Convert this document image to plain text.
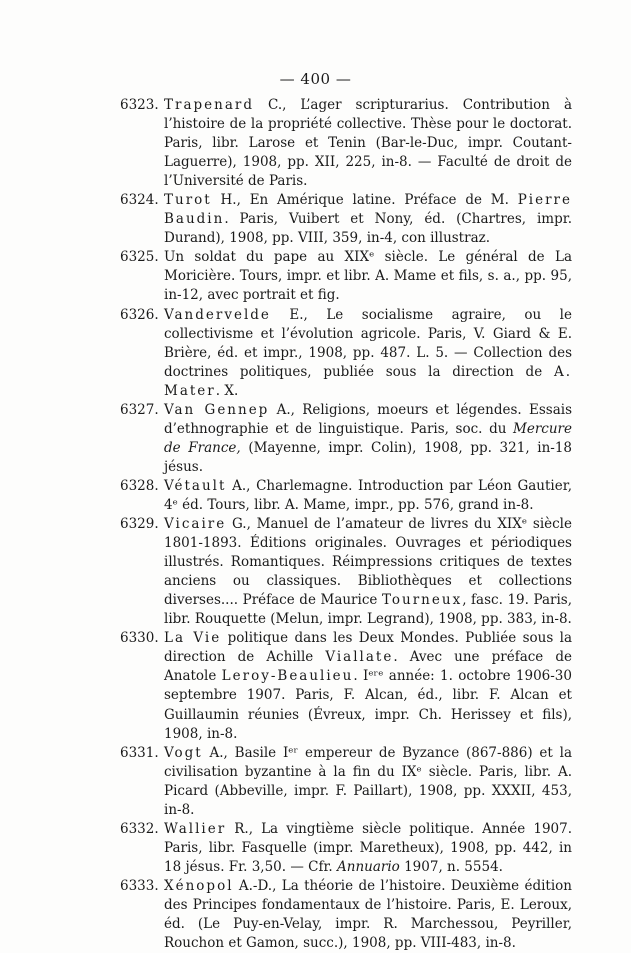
— 400 —
6323. Trapenard C., L’ager scripturarius. Contribution à l’histoire de la propriété collective. Thèse pour le doctorat. Paris, libr. Larose et Tenin (Bar-le-Duc, impr. Coutant-Laguerre), 1908, pp. XII, 225, in-8. — Faculté de droit de l’Université de Paris.

6324. Turot H., En Amérique latine. Préface de M. Pierre Baudin. Paris, Vuibert et Nony, éd. (Chartres, impr. Durand), 1908, pp. VIII, 359, in-4, con illustraz.

6325. Un soldat du pape au XIXᵉ siècle. Le général de La Moricière. Tours, impr. et libr. A. Mame et fils, s. a., pp. 95, in-12, avec portrait et fig.

6326. Vandervelde E., Le socialisme agraire, ou le collectivisme et l’évolution agricole. Paris, V. Giard & E. Brière, éd. et impr., 1908, pp. 487. L. 5. — Collection des doctrines politiques, publiée sous la direction de A. Mater. X.

6327. Van Gennep A., Religions, moeurs et légendes. Essais d’ethnographie et de linguistique. Paris, soc. du Mercure de France, (Mayenne, impr. Colin), 1908, pp. 321, in-18 jésus.

6328. Vétault A., Charlemagne. Introduction par Léon Gautier, 4ᵉ éd. Tours, libr. A. Mame, impr., pp. 576, grand in-8.

6329. Vicaire G., Manuel de l’amateur de livres du XIXᵉ siècle 1801-1893. Éditions originales. Ouvrages et périodiques illustrés. Romantiques. Réimpressions critiques de textes anciens ou classiques. Bibliothèques et collections diverses.... Préface de Maurice Tourneux, fasc. 19. Paris, libr. Rouquette (Melun, impr. Legrand), 1908, pp. 383, in-8.

6330. La Vie politique dans les Deux Mondes. Publiée sous la direction de Achille Viallate. Avec une préface de Anatole Leroy-Beaulieu. Iᵉʳᵉ année: 1. octobre 1906-30 septembre 1907. Paris, F. Alcan, éd., libr. F. Alcan et Guillaumin réunies (Évreux, impr. Ch. Herissey et fils), 1908, in-8.

6331. Vogt A., Basile Iᵉʳ empereur de Byzance (867-886) et la civilisation byzantine à la fin du IXᵉ siècle. Paris, libr. A. Picard (Abbeville, impr. F. Paillart), 1908, pp. XXXII, 453, in-8.

6332. Wallier R., La vingtième siècle politique. Année 1907. Paris, libr. Fasquelle (impr. Maretheux), 1908, pp. 442, in 18 jésus. Fr. 3,50. — Cfr. Annuario 1907, n. 5554.

6333. Xénopol A.-D., La théorie de l’histoire. Deuxième édition des Principes fondamentaux de l’histoire. Paris, E. Leroux, éd. (Le Puy-en-Velay, impr. R. Marchessou, Peyriller, Rouchon et Gamon, succ.), 1908, pp. VIII-483, in-8.
